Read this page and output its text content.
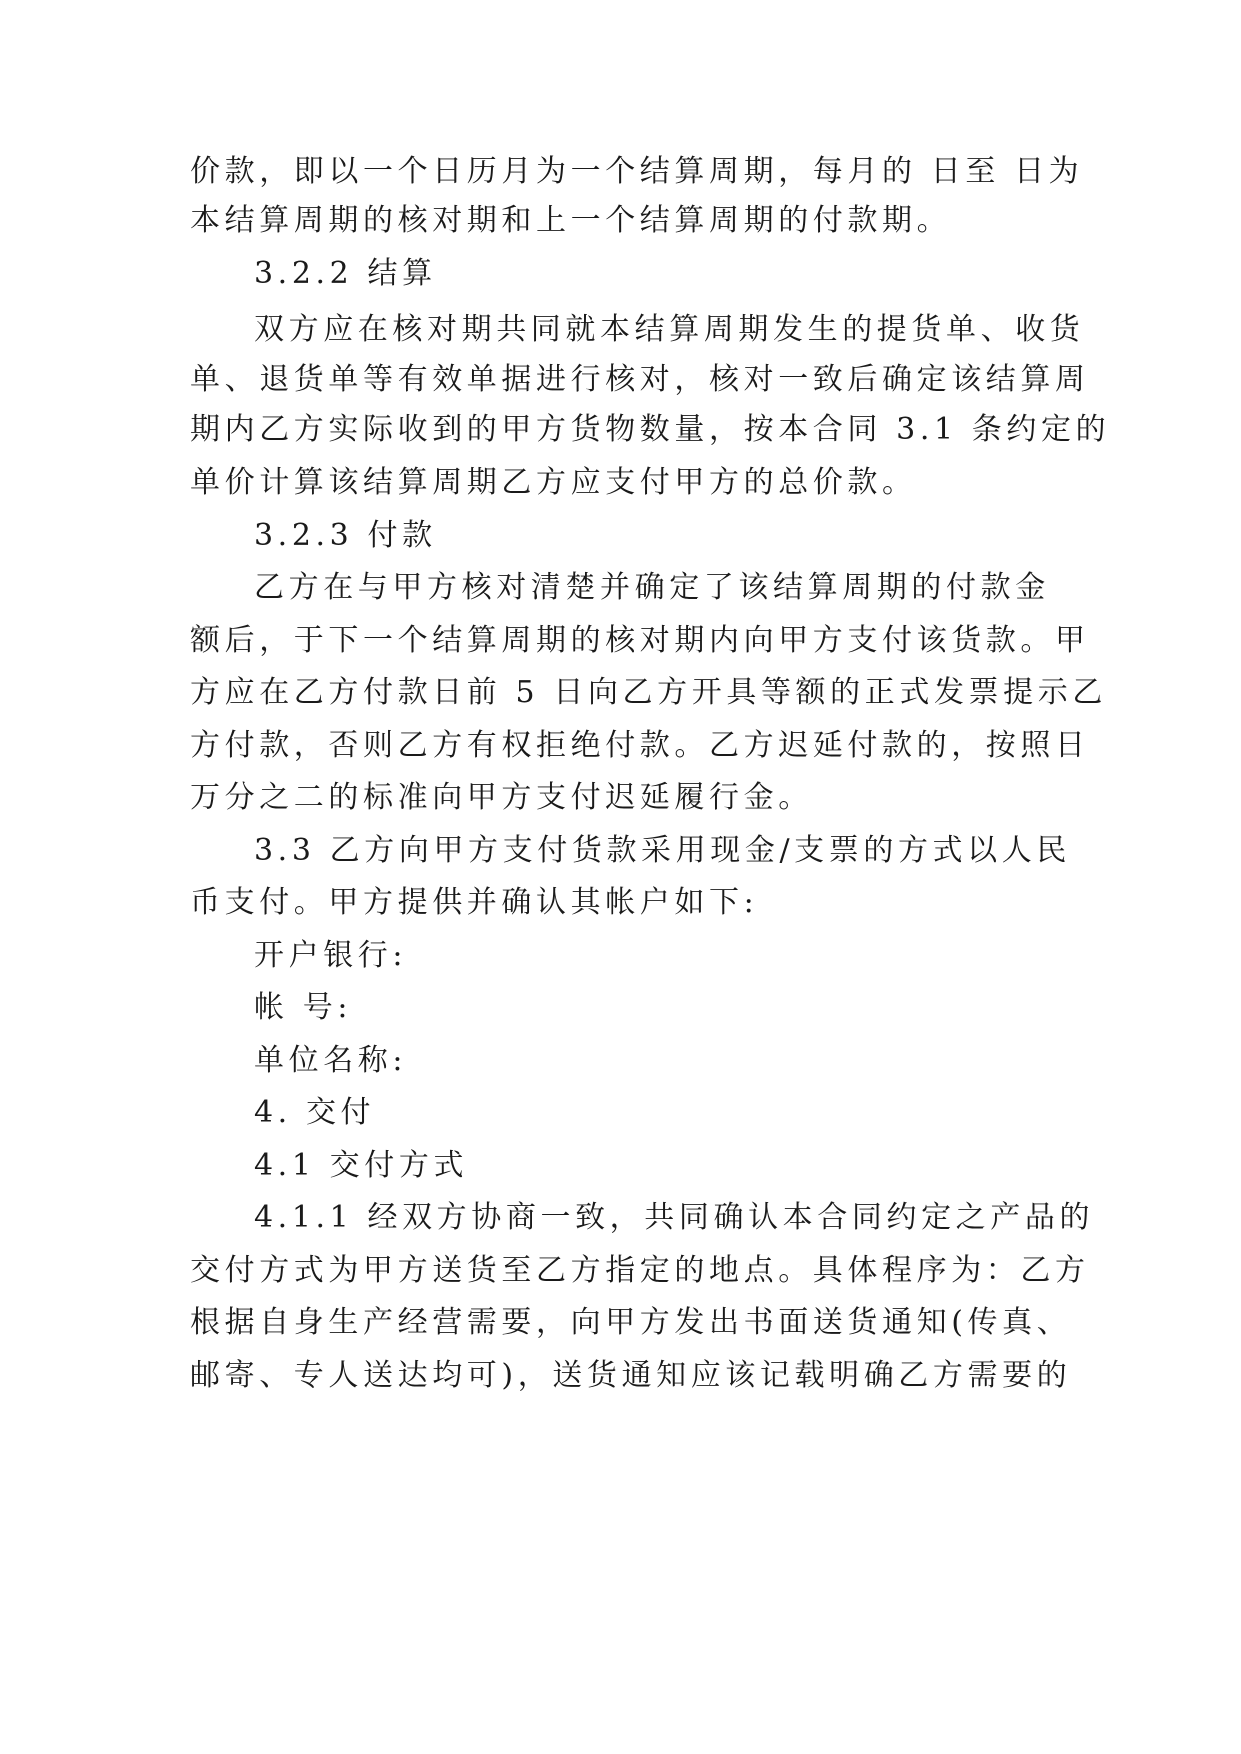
价款，即以一个日历月为一个结算周期，每月的 日至 日为
本结算周期的核对期和上一个结算周期的付款期。
3.2.2 结算
双方应在核对期共同就本结算周期发生的提货单、收货
单、退货单等有效单据进行核对，核对一致后确定该结算周
期内乙方实际收到的甲方货物数量，按本合同 3.1 条约定的
单价计算该结算周期乙方应支付甲方的总价款。
3.2.3 付款
乙方在与甲方核对清楚并确定了该结算周期的付款金
额后，于下一个结算周期的核对期内向甲方支付该货款。甲
方应在乙方付款日前 5 日向乙方开具等额的正式发票提示乙
方付款，否则乙方有权拒绝付款。乙方迟延付款的，按照日
万分之二的标准向甲方支付迟延履行金。
3.3 乙方向甲方支付货款采用现金/支票的方式以人民
币支付。甲方提供并确认其帐户如下:
开户银行:
帐 号:
单位名称:
4. 交付
4.1 交付方式
4.1.1 经双方协商一致，共同确认本合同约定之产品的
交付方式为甲方送货至乙方指定的地点。具体程序为：乙方
根据自身生产经营需要，向甲方发出书面送货通知(传真、
邮寄、专人送达均可)，送货通知应该记载明确乙方需要的
